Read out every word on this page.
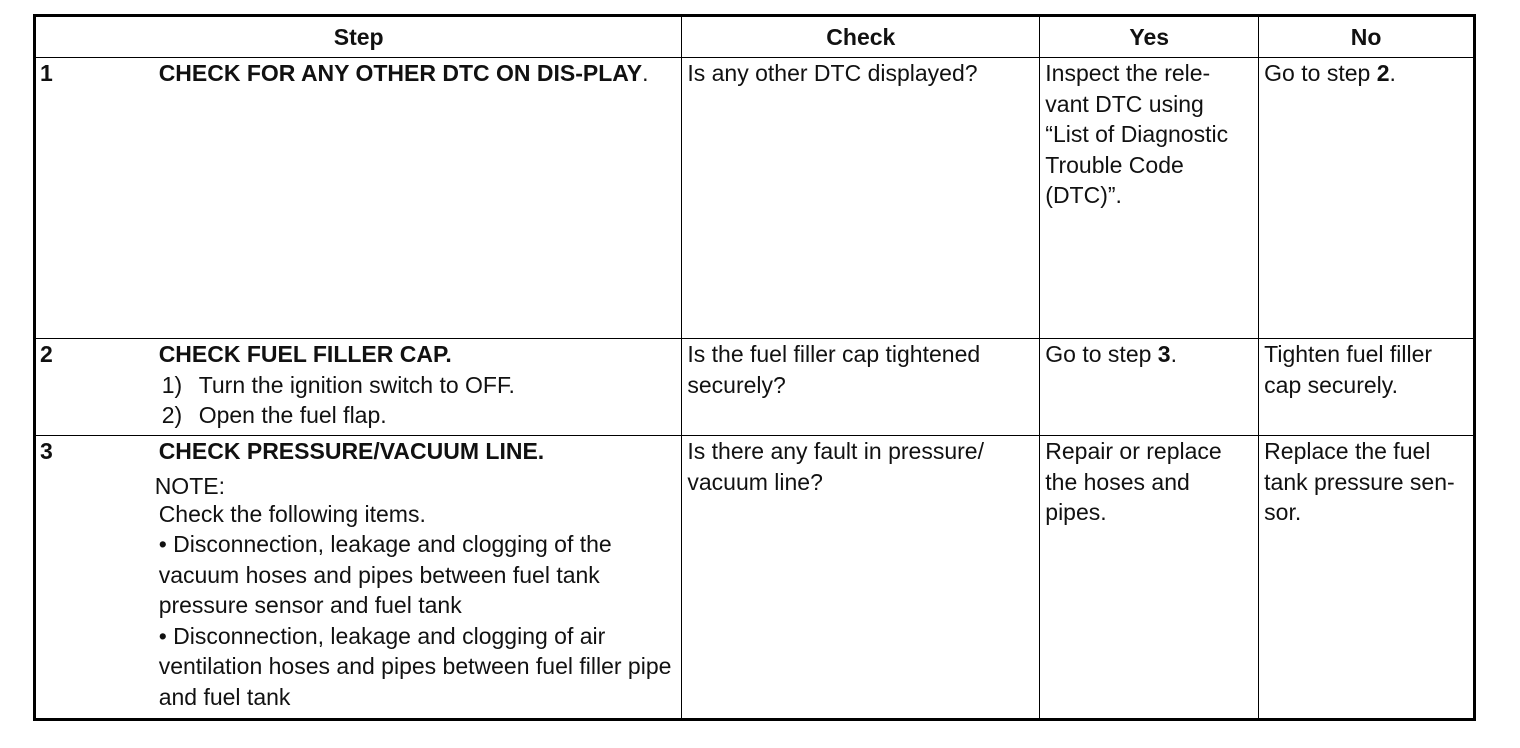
Step		Check	Yes	No
1	CHECK FOR ANY OTHER DTC ON DIS-PLAY.	Is any other DTC displayed?	Inspect the rele-vant DTC using “List of Diagnostic Trouble Code (DTC)”.	Go to step 2.
2	CHECK FUEL FILLER CAP.
1) Turn the ignition switch to OFF.
2) Open the fuel flap.	Is the fuel filler cap tightened securely?	Go to step 3.	Tighten fuel filler cap securely.
3	CHECK PRESSURE/VACUUM LINE.
NOTE:
Check the following items.
• Disconnection, leakage and clogging of the vacuum hoses and pipes between fuel tank pressure sensor and fuel tank
• Disconnection, leakage and clogging of air ventilation hoses and pipes between fuel filler pipe and fuel tank	Is there any fault in pressure/ vacuum line?	Repair or replace the hoses and pipes.	Replace the fuel tank pressure sen-sor.
